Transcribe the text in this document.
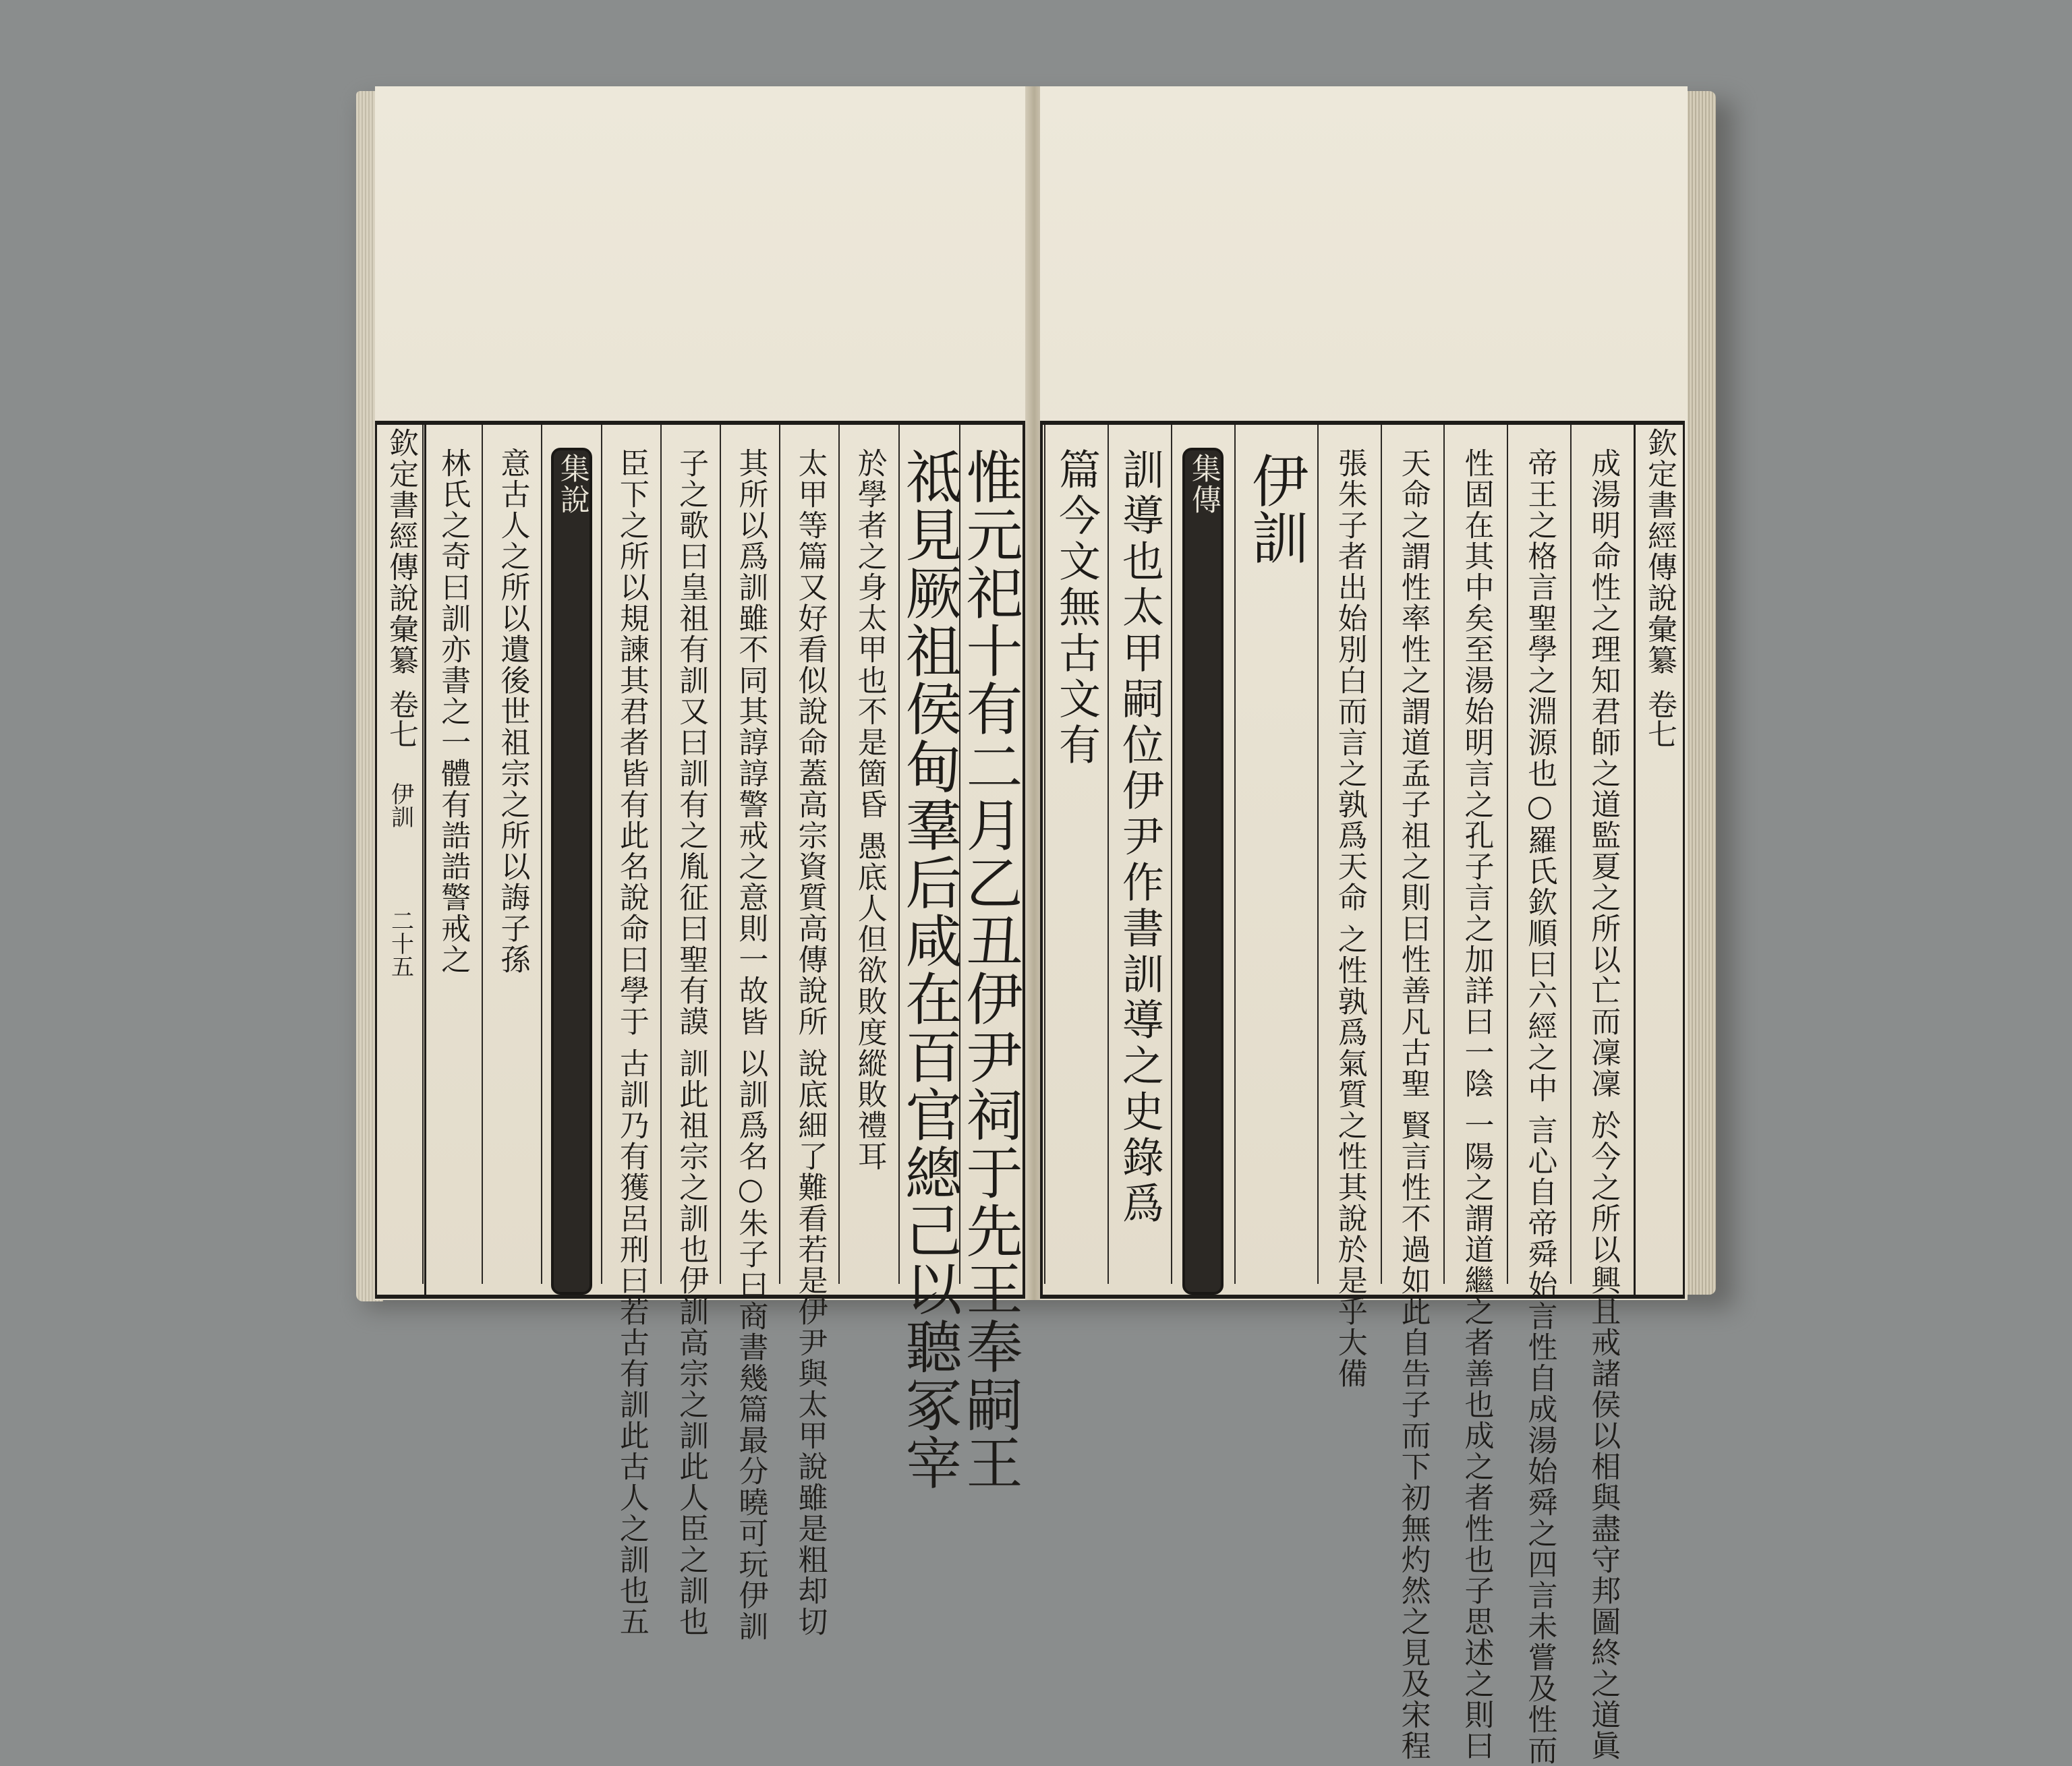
欽定書經傳說彙纂
卷七
伊訓
二十五	惟元祀十有二月乙丑伊尹祠于先王奉嗣王
祗見厥祖侯甸羣后咸在百官總己以聽冢宰
於學者之身太甲也不是箇昏 愚底人但欲敗度縱敗禮耳
太甲等篇又好看似說命蓋高宗資質高傳說所 說底細了難看若是伊尹與太甲說雖是粗却切
其所以爲訓雖不同其諄諄警戒之意則一故皆 以訓爲名○朱子曰商書幾篇最分曉可玩伊訓
子之歌曰皇祖有訓又曰訓有之胤征曰聖有謨 訓此祖宗之訓也伊訓高宗之訓此人臣之訓也
臣下之所以規諫其君者皆有此名說命曰學于 古訓乃有獲呂刑曰若古有訓此古人之訓也五
集說
意古人之所以遺後世祖宗之所以誨子孫
林氏之奇曰訓亦書之一體有誥誥警戒之	欽定書經傳說彙纂
卷七
成湯明命性之理知君師之道監夏之所以亡而凜凜 於今之所以興且戒諸侯以相與盡守邦圖終之道眞
帝王之格言聖學之淵源也○羅氏欽順曰六經之中 言心自帝舜始言性自成湯始舜之四言未嘗及性而
性固在其中矣至湯始明言之孔子言之加詳曰一陰 一陽之謂道繼之者善也成之者性也子思述之則曰
天命之謂性率性之謂道孟子祖之則曰性善凡古聖 賢言性不過如此自告子而下初無灼然之見及宋程
張朱子者出始別白而言之孰爲天命 之性孰爲氣質之性其說於是乎大備
伊訓
集傳
訓導也太甲嗣位伊尹作書訓導之史錄爲
篇今文無古文有
